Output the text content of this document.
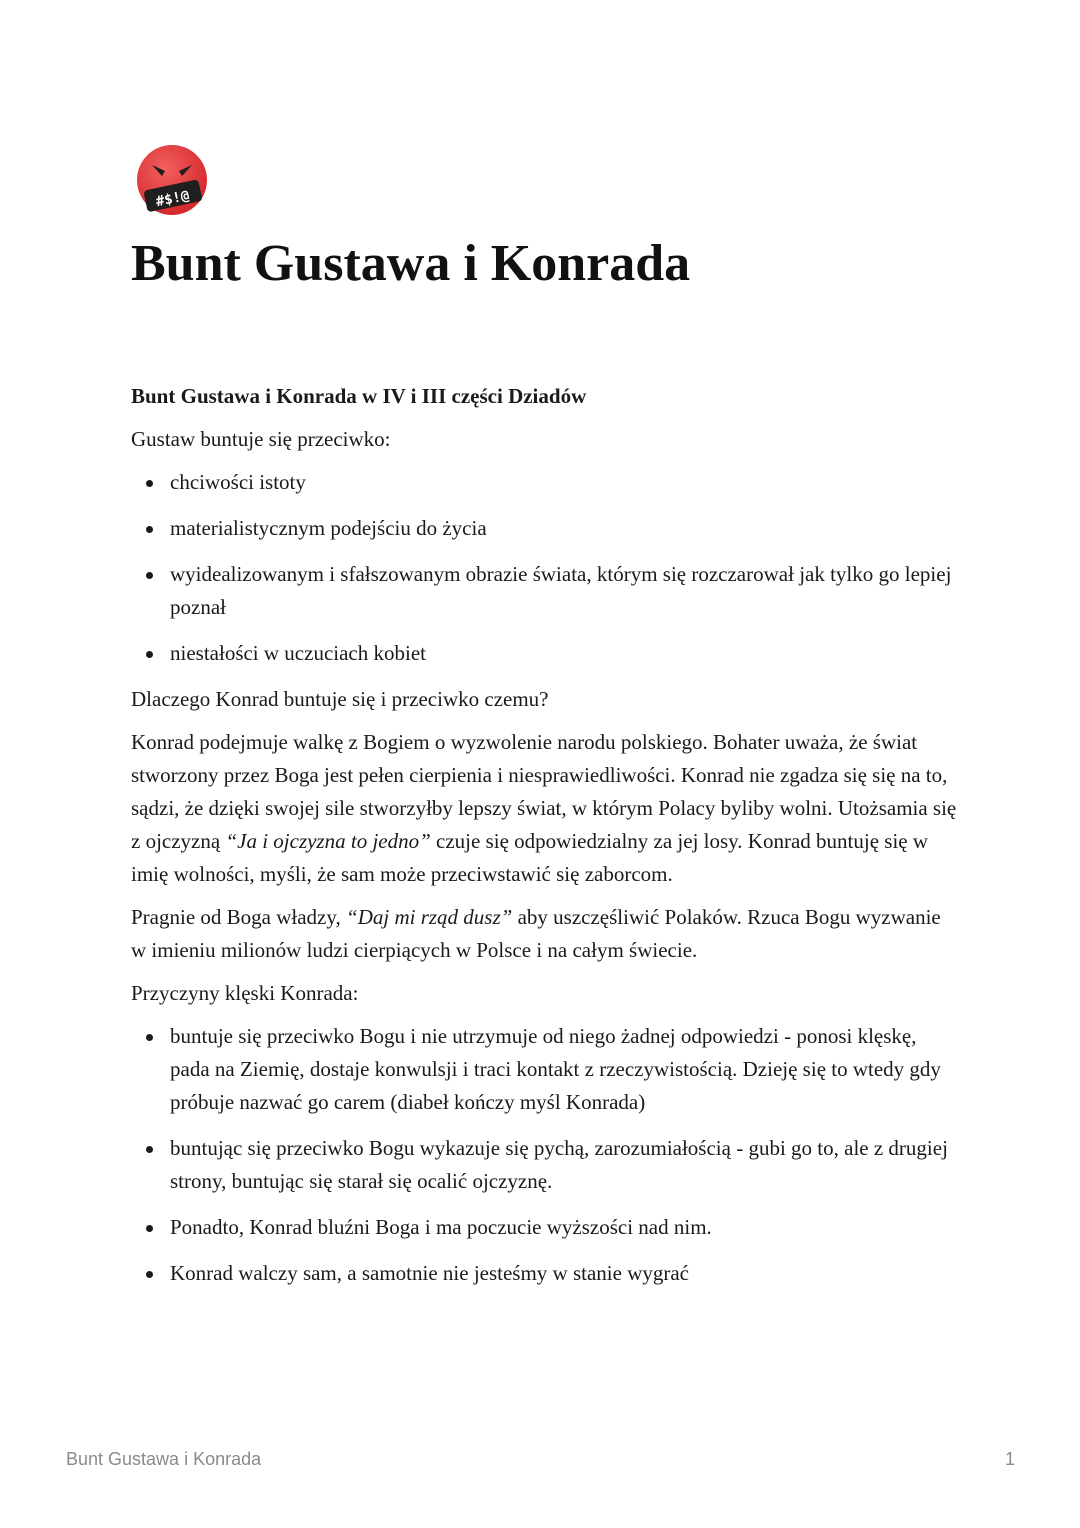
#$!@
Bunt Gustawa i Konrada

Bunt Gustawa i Konrada w IV i III części Dziadów

Gustaw buntuje się przeciwko:

chciwości istoty
materialistycznym podejściu do życia
wyidealizowanym i sfałszowanym obrazie świata, którym się rozczarował jak tylko go lepiej poznał
niestałości w uczuciach kobiet

Dlaczego Konrad buntuje się i przeciwko czemu?

Konrad podejmuje walkę z Bogiem o wyzwolenie narodu polskiego. Bohater uważa, że świat stworzony przez Boga jest pełen cierpienia i niesprawiedliwości. Konrad nie zgadza się się na to, sądzi, że dzięki swojej sile stworzyłby lepszy świat, w którym Polacy byliby wolni. Utożsamia się z ojczyzną “Ja i ojczyzna to jedno” czuje się odpowiedzialny za jej losy. Konrad buntuję się w imię wolności, myśli, że sam może przeciwstawić się zaborcom.

Pragnie od Boga władzy, “Daj mi rząd dusz” aby uszczęśliwić Polaków. Rzuca Bogu wyzwanie w imieniu milionów ludzi cierpiących w Polsce i na całym świecie.

Przyczyny klęski Konrada:

buntuje się przeciwko Bogu i nie utrzymuje od niego żadnej odpowiedzi - ponosi klęskę, pada na Ziemię, dostaje konwulsji i traci kontakt z rzeczywistością. Dzieję się to wtedy gdy próbuje nazwać go carem (diabeł kończy myśl Konrada)
buntując się przeciwko Bogu wykazuje się pychą, zarozumiałością - gubi go to, ale z drugiej strony, buntując się starał się ocalić ojczyznę.
Ponadto, Konrad bluźni Boga i ma poczucie wyższości nad nim.
Konrad walczy sam, a samotnie nie jesteśmy w stanie wygrać
Bunt Gustawa i Konrada	1
